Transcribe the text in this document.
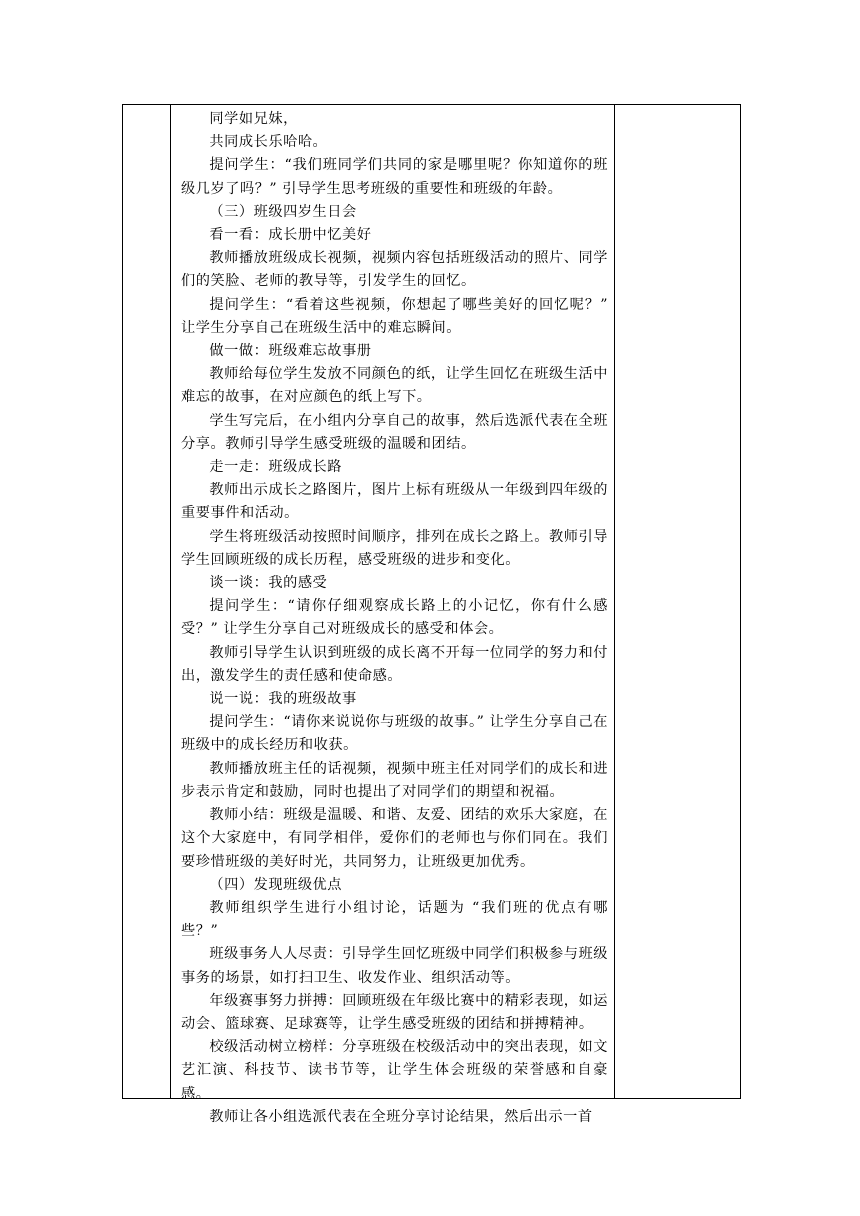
同学如兄妹，

共同成长乐哈哈。

提问学生：“我们班同学们共同的家是哪里呢？你知道你的班级几岁了吗？” 引导学生思考班级的重要性和班级的年龄。

（三）班级四岁生日会

看一看：成长册中忆美好

教师播放班级成长视频，视频内容包括班级活动的照片、同学们的笑脸、老师的教导等，引发学生的回忆。

提问学生：“看着这些视频，你想起了哪些美好的回忆呢？” 让学生分享自己在班级生活中的难忘瞬间。

做一做：班级难忘故事册

教师给每位学生发放不同颜色的纸，让学生回忆在班级生活中难忘的故事，在对应颜色的纸上写下。

学生写完后，在小组内分享自己的故事，然后选派代表在全班分享。教师引导学生感受班级的温暖和团结。

走一走：班级成长路

教师出示成长之路图片，图片上标有班级从一年级到四年级的重要事件和活动。

学生将班级活动按照时间顺序，排列在成长之路上。教师引导学生回顾班级的成长历程，感受班级的进步和变化。

谈一谈：我的感受

提问学生：“请你仔细观察成长路上的小记忆，你有什么感受？” 让学生分享自己对班级成长的感受和体会。

教师引导学生认识到班级的成长离不开每一位同学的努力和付出，激发学生的责任感和使命感。

说一说：我的班级故事

提问学生：“请你来说说你与班级的故事。” 让学生分享自己在班级中的成长经历和收获。

教师播放班主任的话视频，视频中班主任对同学们的成长和进步表示肯定和鼓励，同时也提出了对同学们的期望和祝福。

教师小结：班级是温暖、和谐、友爱、团结的欢乐大家庭，在这个大家庭中，有同学相伴，爱你们的老师也与你们同在。我们要珍惜班级的美好时光，共同努力，让班级更加优秀。

（四）发现班级优点

教师组织学生进行小组讨论，话题为 “我们班的优点有哪些？”

班级事务人人尽责：引导学生回忆班级中同学们积极参与班级事务的场景，如打扫卫生、收发作业、组织活动等。

年级赛事努力拼搏：回顾班级在年级比赛中的精彩表现，如运动会、篮球赛、足球赛等，让学生感受班级的团结和拼搏精神。

校级活动树立榜样：分享班级在校级活动中的突出表现，如文艺汇演、科技节、读书节等，让学生体会班级的荣誉感和自豪感。

教师让各小组选派代表在全班分享讨论结果，然后出示一首
